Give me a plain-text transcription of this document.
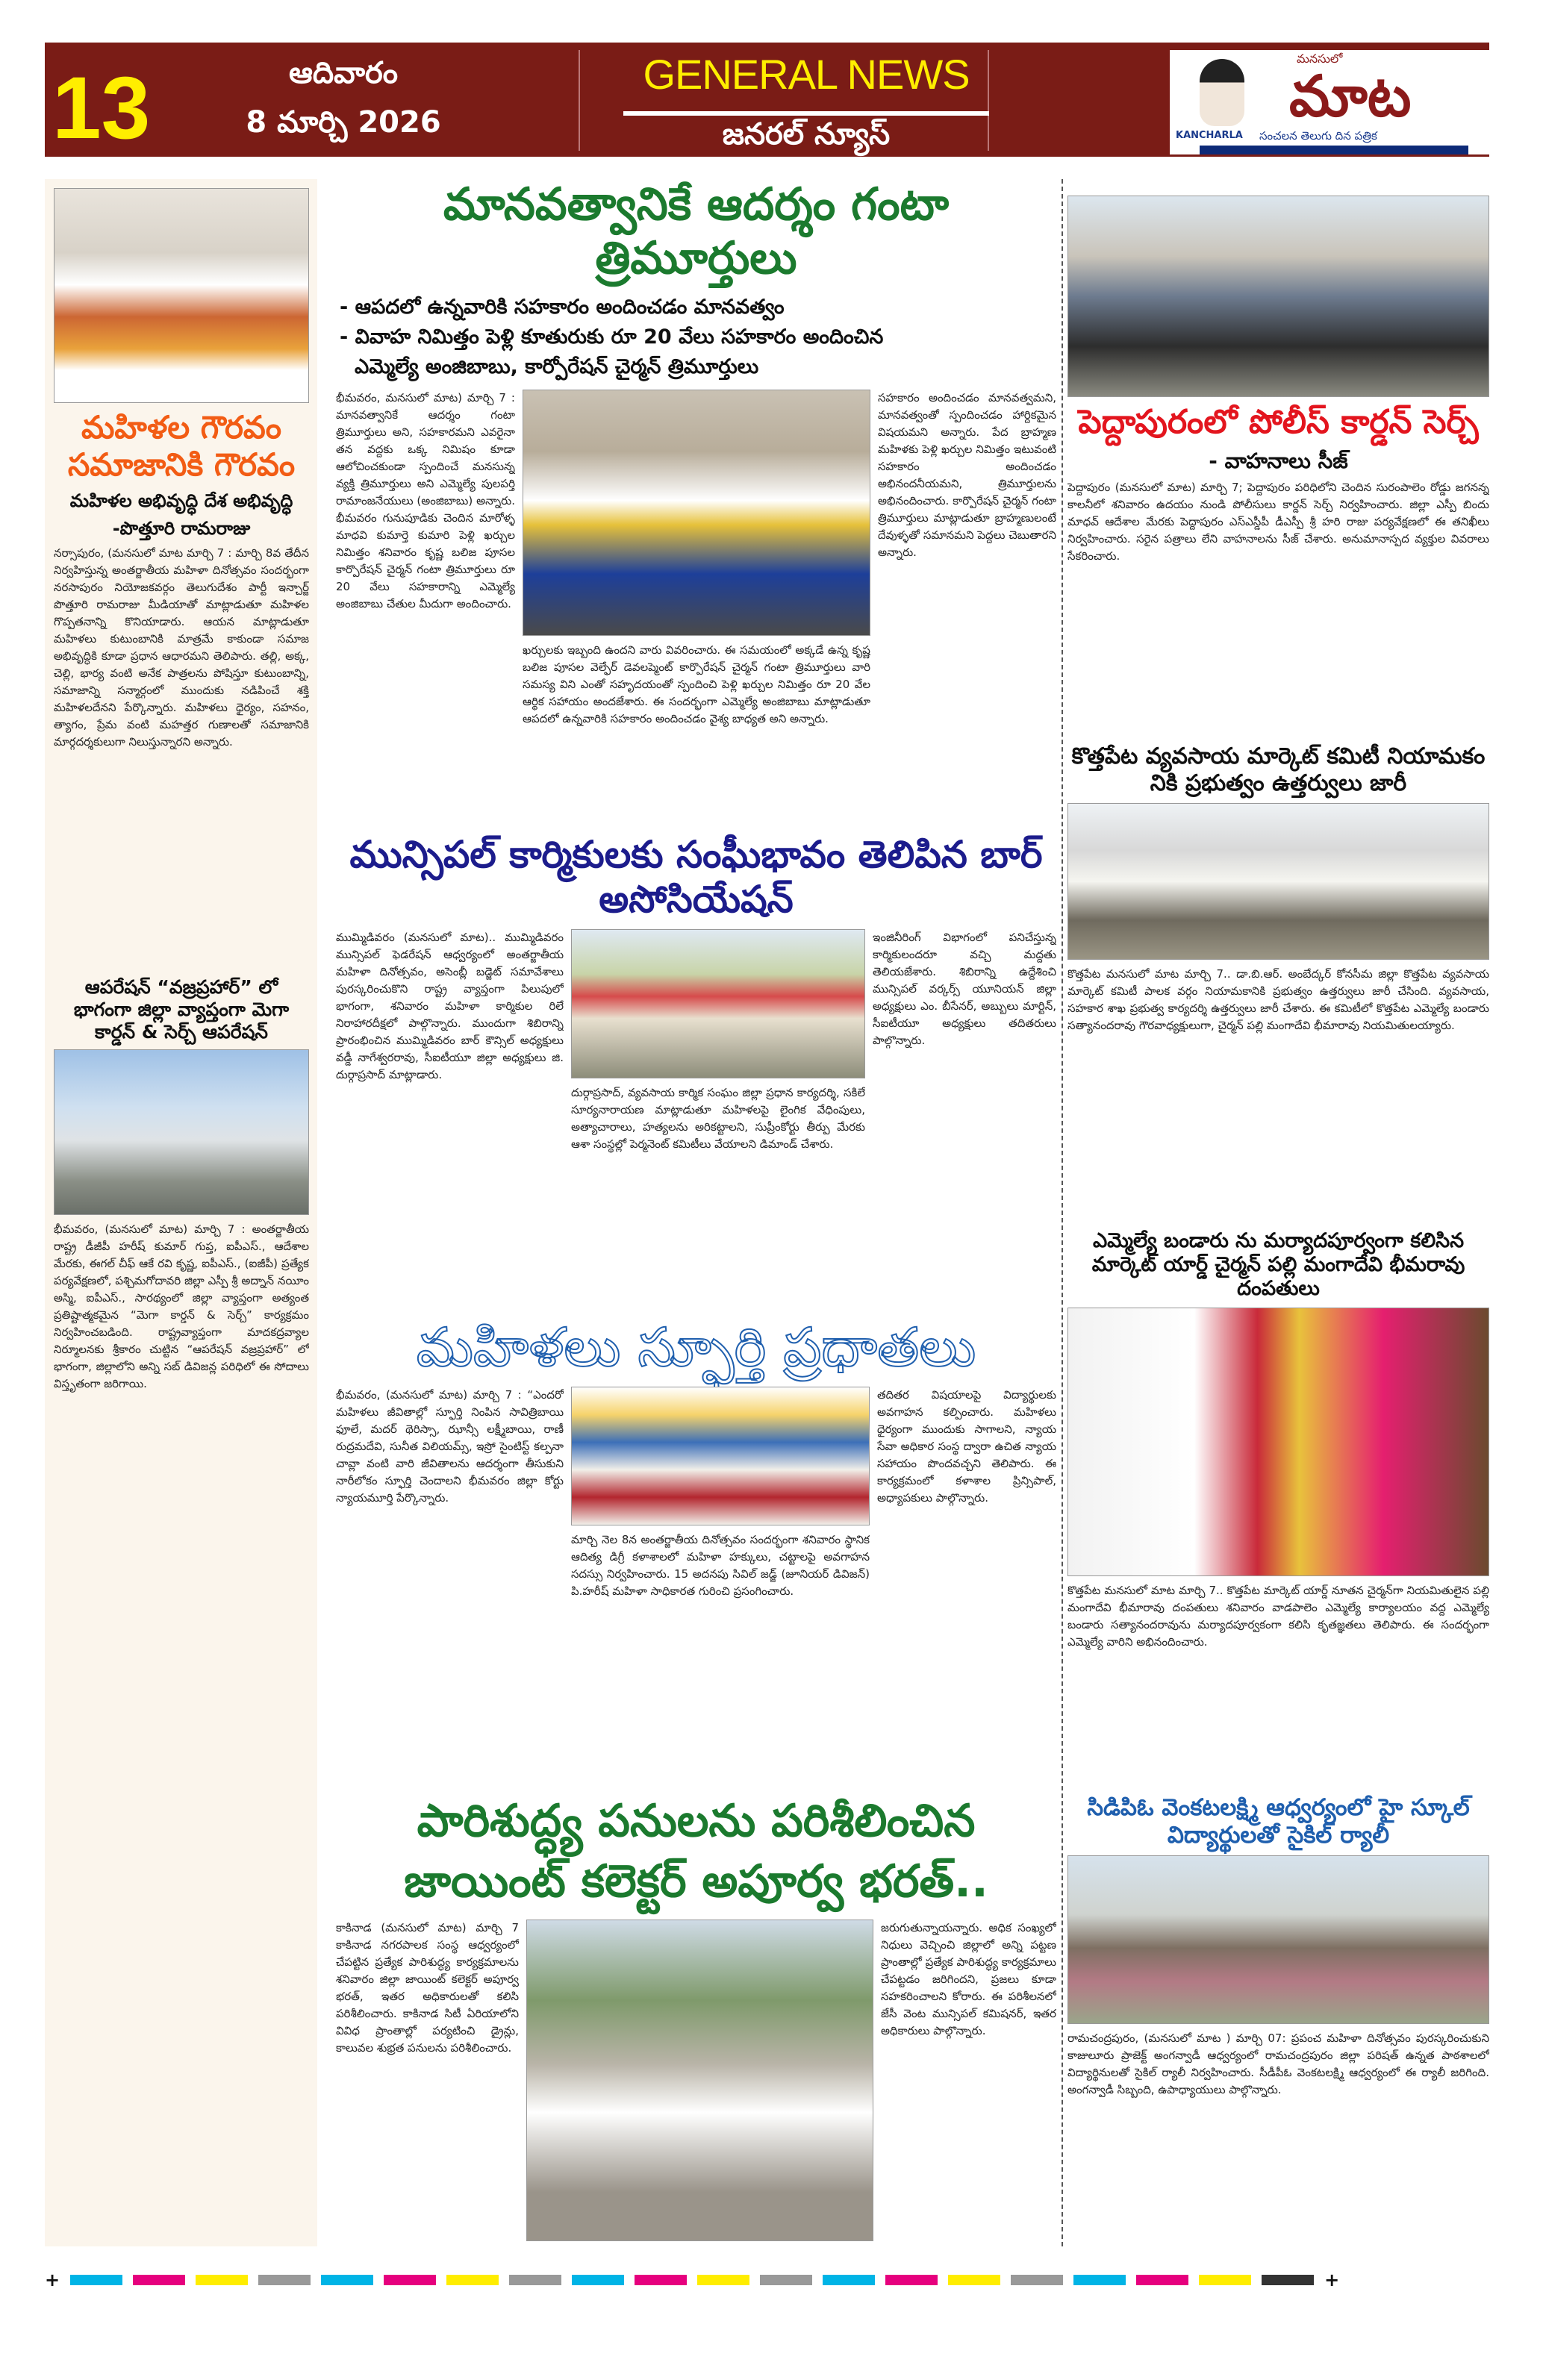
13	ఆదివారం
8 మార్చి 2026
GENERAL NEWS
జనరల్ న్యూస్
మనసులో
మాట
KANCHARLA సంచలన తెలుగు దిన పత్రిక
మహిళల గౌరవం సమాజానికి గౌరవం
మహిళల అభివృద్ధి దేశ అభివృద్ధి
-పొత్తూరి రామరాజు
నర్సాపురం, (మనసులో మాట మార్చి 7 : మార్చి 8వ తేదీన నిర్వహిస్తున్న అంతర్జాతీయ మహిళా దినోత్సవం సందర్భంగా నరసాపురం నియోజకవర్గం తెలుగుదేశం పార్టీ ఇన్చార్జ్ పొత్తూరి రామరాజు మీడియాతో మాట్లాడుతూ మహిళల గొప్పతనాన్ని కొనియాడారు. ఆయన మాట్లాడుతూ మహిళలు కుటుంబానికి మాత్రమే కాకుండా సమాజ అభివృద్ధికి కూడా ప్రధాన ఆధారమని తెలిపారు. తల్లి, అక్క, చెల్లి, భార్య వంటి అనేక పాత్రలను పోషిస్తూ కుటుంబాన్ని, సమాజాన్ని సన్మార్గంలో ముందుకు నడిపించే శక్తి మహిళలదేనని పేర్కొన్నారు. మహిళలు ధైర్యం, సహనం, త్యాగం, ప్రేమ వంటి మహత్తర గుణాలతో సమాజానికి మార్గదర్శకులుగా నిలుస్తున్నారని అన్నారు.
ఆపరేషన్ “వజ్రప్రహార్” లో భాగంగా జిల్లా వ్యాప్తంగా మెగా కార్డన్ & సెర్చ్ ఆపరేషన్
భీమవరం, (మనసులో మాట) మార్చి 7 : అంతర్జాతీయ రాష్ట్ర డీజీపీ హరీష్ కుమార్ గుప్త, ఐపీఎస్., ఆదేశాల మేరకు, ఈగల్ చీఫ్ ఆకే రవి కృష్ణ, ఐపీఎస్., (ఐజీపీ) ప్రత్యేక పర్యవేక్షణలో, పశ్చిమగోదావరి జిల్లా ఎస్పీ శ్రీ అద్నాన్ నయీం అస్మి, ఐపీఎస్., సారథ్యంలో జిల్లా వ్యాప్తంగా అత్యంత ప్రతిష్టాత్మకమైన “మెగా కార్డన్ & సెర్చ్” కార్యక్రమం నిర్వహించబడింది. రాష్ట్రవ్యాప్తంగా మాదకద్రవ్యాల నిర్మూలనకు శ్రీకారం చుట్టిన “ఆపరేషన్ వజ్రప్రహార్” లో భాగంగా, జిల్లాలోని అన్ని సబ్ డివిజన్ల పరిధిలో ఈ సోదాలు విస్తృతంగా జరిగాయి.
మానవత్వానికే ఆదర్శం గంటా త్రిమూర్తులు
- ఆపదలో ఉన్నవారికి సహకారం అందించడం మానవత్వం
- వివాహ నిమిత్తం పెళ్లి కూతురుకు రూ 20 వేలు సహకారం అందించిన
ఎమ్మెల్యే అంజిబాబు, కార్పోరేషన్ చైర్మన్ త్రిమూర్తులు
భీమవరం, మనసులో మాట) మార్చి 7 : మానవత్వానికే ఆదర్శం గంటా త్రిమూర్తులు అని, సహకారమని ఎవరైనా తన వద్దకు ఒక్క నిమిషం కూడా ఆలోచించకుండా స్పందించే మనసున్న వ్యక్తి త్రిమూర్తులు అని ఎమ్మెల్యే పులపర్తి రామాంజనేయులు (అంజిబాబు) అన్నారు. భీమవరం గునుపూడికు చెందిన మారోళ్ళ మాధవి కుమార్తె కుమారి పెళ్లి ఖర్చుల నిమిత్తం శనివారం కృష్ణ బలిజ పూసల కార్పొరేషన్ చైర్మన్ గంటా త్రిమూర్తులు రూ 20 వేలు సహకారాన్ని ఎమ్మెల్యే అంజిబాబు చేతుల మీదుగా అందించారు.
ఖర్చులకు ఇబ్బంది ఉందని వారు వివరించారు. ఈ సమయంలో అక్కడే ఉన్న కృష్ణ బలిజ పూసల వెల్ఫేర్ డెవలప్మెంట్ కార్పొరేషన్ చైర్మన్ గంటా త్రిమూర్తులు వారి సమస్య విని ఎంతో సహృదయంతో స్పందించి పెళ్లి ఖర్చుల నిమిత్తం రూ 20 వేల ఆర్థిక సహాయం అందజేశారు. ఈ సందర్భంగా ఎమ్మెల్యే అంజిబాబు మాట్లాడుతూ ఆపదలో ఉన్నవారికి సహకారం అందించడం వైశ్య బాధ్యత అని అన్నారు.
సహకారం అందించడం మానవత్వమని, మానవత్వంతో స్పందించడం హార్దికమైన విషయమని అన్నారు. పేద బ్రాహ్మణ మహిళకు పెళ్లి ఖర్చుల నిమిత్తం ఇటువంటి సహకారం అందించడం అభినందనీయమని, త్రిమూర్తులను అభినందించారు. కార్పొరేషన్ చైర్మన్ గంటా త్రిమూర్తులు మాట్లాడుతూ బ్రాహ్మణులంటే దేవుళ్ళతో సమానమని పెద్దలు చెబుతారని అన్నారు.
మున్సిపల్ కార్మికులకు సంఘీభావం తెలిపిన బార్ అసోసియేషన్
ముమ్మిడివరం (మనసులో మాట).. ముమ్మిడివరం మున్సిపల్ ఫెడరేషన్ ఆధ్వర్యంలో అంతర్జాతీయ మహిళా దినోత్సవం, అసెంబ్లీ బడ్జెట్ సమావేశాలు పురస్కరించుకొని రాష్ట్ర వ్యాప్తంగా పిలుపులో భాగంగా, శనివారం మహిళా కార్మికుల రిలే నిరాహారదీక్షలో పాల్గొన్నారు. ముందుగా శిబిరాన్ని ప్రారంభించిన ముమ్మిడివరం బార్ కౌన్సిల్ అధ్యక్షులు వడ్డీ నాగేశ్వరరావు, సీఐటీయూ జిల్లా అధ్యక్షులు జి. దుర్గాప్రసాద్ మాట్లాడారు.
దుర్గాప్రసాద్, వ్యవసాయ కార్మిక సంఘం జిల్లా ప్రధాన కార్యదర్శి, సకిలే సూర్యనారాయణ మాట్లాడుతూ మహిళలపై లైంగిక వేధింపులు, అత్యాచారాలు, హత్యలను అరికట్టాలని, సుప్రీంకోర్టు తీర్పు మేరకు ఆశా సంస్థల్లో పెర్మనెంట్ కమిటీలు వేయాలని డిమాండ్ చేశారు.
ఇంజినీరింగ్ విభాగంలో పనిచేస్తున్న కార్మికులందరూ వచ్చి మద్దతు తెలియజేశారు. శిబిరాన్ని ఉద్దేశించి మున్సిపల్ వర్కర్స్ యూనియన్ జిల్లా అధ్యక్షులు ఎం. బీసేనర్, అబ్బులు మార్టిన్, సీఐటీయూ అధ్యక్షులు తదితరులు పాల్గొన్నారు.
మహిళలు స్ఫూర్తి ప్రధాతలు
భీమవరం, (మనసులో మాట) మార్చి 7 : “ఎందరో మహిళలు జీవితాల్లో స్ఫూర్తి నింపిన సావిత్రిబాయి ఫూలే, మదర్ థెరిస్సా, ఝాన్సీ లక్ష్మీబాయి, రాణీ రుద్రమదేవి, సునీత విలియమ్స్, ఇస్రో సైంటిస్ట్ కల్పనా చావ్లా వంటి వారి జీవితాలను ఆదర్శంగా తీసుకుని నారీలోకం స్ఫూర్తి చెందాలని భీమవరం జిల్లా కోర్టు న్యాయమూర్తి పేర్కొన్నారు.
మార్చి నెల 8న అంతర్జాతీయ దినోత్సవం సందర్భంగా శనివారం స్థానిక ఆదిత్య డిగ్రీ కళాశాలలో మహిళా హక్కులు, చట్టాలపై అవగాహన సదస్సు నిర్వహించారు. 15 అదనపు సివిల్ జడ్జ్ (జూనియర్ డివిజన్) పి.హరీష్ మహిళా సాధికారత గురించి ప్రసంగించారు.
తదితర విషయాలపై విద్యార్థులకు అవగాహన కల్పించారు. మహిళలు ధైర్యంగా ముందుకు సాగాలని, న్యాయ సేవా అధికార సంస్థ ద్వారా ఉచిత న్యాయ సహాయం పొందవచ్చని తెలిపారు. ఈ కార్యక్రమంలో కళాశాల ప్రిన్సిపాల్, అధ్యాపకులు పాల్గొన్నారు.
పారిశుద్ధ్య పనులను పరిశీలించిన జాయింట్ కలెక్టర్ అపూర్వ భరత్..
కాకినాడ (మనసులో మాట) మార్చి 7 కాకినాడ నగరపాలక సంస్థ ఆధ్వర్యంలో చేపట్టిన ప్రత్యేక పారిశుద్ధ్య కార్యక్రమాలను శనివారం జిల్లా జాయింట్ కలెక్టర్ అపూర్వ భరత్, ఇతర అధికారులతో కలిసి పరిశీలించారు. కాకినాడ సిటీ ఏరియాలోని వివిధ ప్రాంతాల్లో పర్యటించి డ్రైన్లు, కాలువల శుభ్రత పనులను పరిశీలించారు.
జరుగుతున్నాయన్నారు. అధిక సంఖ్యలో నిధులు వెచ్చించి జిల్లాలో అన్ని పట్టణ ప్రాంతాల్లో ప్రత్యేక పారిశుద్ధ్య కార్యక్రమాలు చేపట్టడం జరిగిందని, ప్రజలు కూడా సహకరించాలని కోరారు. ఈ పరిశీలనలో జేసీ వెంట మున్సిపల్ కమిషనర్, ఇతర అధికారులు పాల్గొన్నారు.
పెద్దాపురంలో పోలీస్ కార్డన్ సెర్చ్
- వాహనాలు సీజ్
పెద్దాపురం (మనసులో మాట) మార్చి 7; పెద్దాపురం పరిధిలోని చెందిన సురంపాలెం రోడ్డు జగనన్న కాలనీలో శనివారం ఉదయం నుండి పోలీసులు కార్డన్ సెర్చ్ నిర్వహించారు. జిల్లా ఎస్పీ బిందు మాధవ్ ఆదేశాల మేరకు పెద్దాపురం ఎస్ఎస్డీపీ డీఎస్పీ శ్రీ హరి రాజు పర్యవేక్షణలో ఈ తనిఖీలు నిర్వహించారు. సరైన పత్రాలు లేని వాహనాలను సీజ్ చేశారు. అనుమానాస్పద వ్యక్తుల వివరాలు సేకరించారు.
కొత్తపేట వ్యవసాయ మార్కెట్ కమిటీ నియామకం నికి ప్రభుత్వం ఉత్తర్వులు జారీ
కొత్తపేట మనసులో మాట మార్చి 7.. డా.బి.ఆర్. అంబేద్కర్ కోనసీమ జిల్లా కొత్తపేట వ్యవసాయ మార్కెట్ కమిటీ పాలక వర్గం నియామకానికి ప్రభుత్వం ఉత్తర్వులు జారీ చేసింది. వ్యవసాయ, సహకార శాఖ ప్రభుత్వ కార్యదర్శి ఉత్తర్వులు జారీ చేశారు. ఈ కమిటీలో కొత్తపేట ఎమ్మెల్యే బండారు సత్యానందరావు గౌరవాధ్యక్షులుగా, చైర్మన్ పల్లి మంగాదేవి భీమారావు నియమితులయ్యారు.
ఎమ్మెల్యే బండారు ను మర్యాదపూర్వంగా కలిసిన మార్కెట్ యార్డ్ చైర్మన్ పల్లి మంగాదేవి భీమరావు దంపతులు
కొత్తపేట మనసులో మాట మార్చి 7.. కొత్తపేట మార్కెట్ యార్డ్ నూతన చైర్మన్‌గా నియమితులైన పల్లి మంగాదేవి భీమారావు దంపతులు శనివారం వాడపాలెం ఎమ్మెల్యే కార్యాలయం వద్ద ఎమ్మెల్యే బండారు సత్యానందరావును మర్యాదపూర్వకంగా కలిసి కృతజ్ఞతలు తెలిపారు. ఈ సందర్భంగా ఎమ్మెల్యే వారిని అభినందించారు.
సిడిపిఓ వెంకటలక్ష్మి ఆధ్వర్యంలో హై స్కూల్ విద్యార్థులతో సైకిల్ ర్యాలీ
రామచంద్రపురం, (మనసులో మాట ) మార్చి 07: ప్రపంచ మహిళా దినోత్సవం పురస్కరించుకుని కాజులూరు ప్రాజెక్ట్ అంగన్వాడీ ఆధ్వర్యంలో రామచంద్రపురం జిల్లా పరిషత్ ఉన్నత పాఠశాలలో విద్యార్థినులతో సైకిల్ ర్యాలీ నిర్వహించారు. సీడీపీఓ వెంకటలక్ష్మి ఆధ్వర్యంలో ఈ ర్యాలీ జరిగింది. అంగన్వాడీ సిబ్బంది, ఉపాధ్యాయులు పాల్గొన్నారు.
+	+
